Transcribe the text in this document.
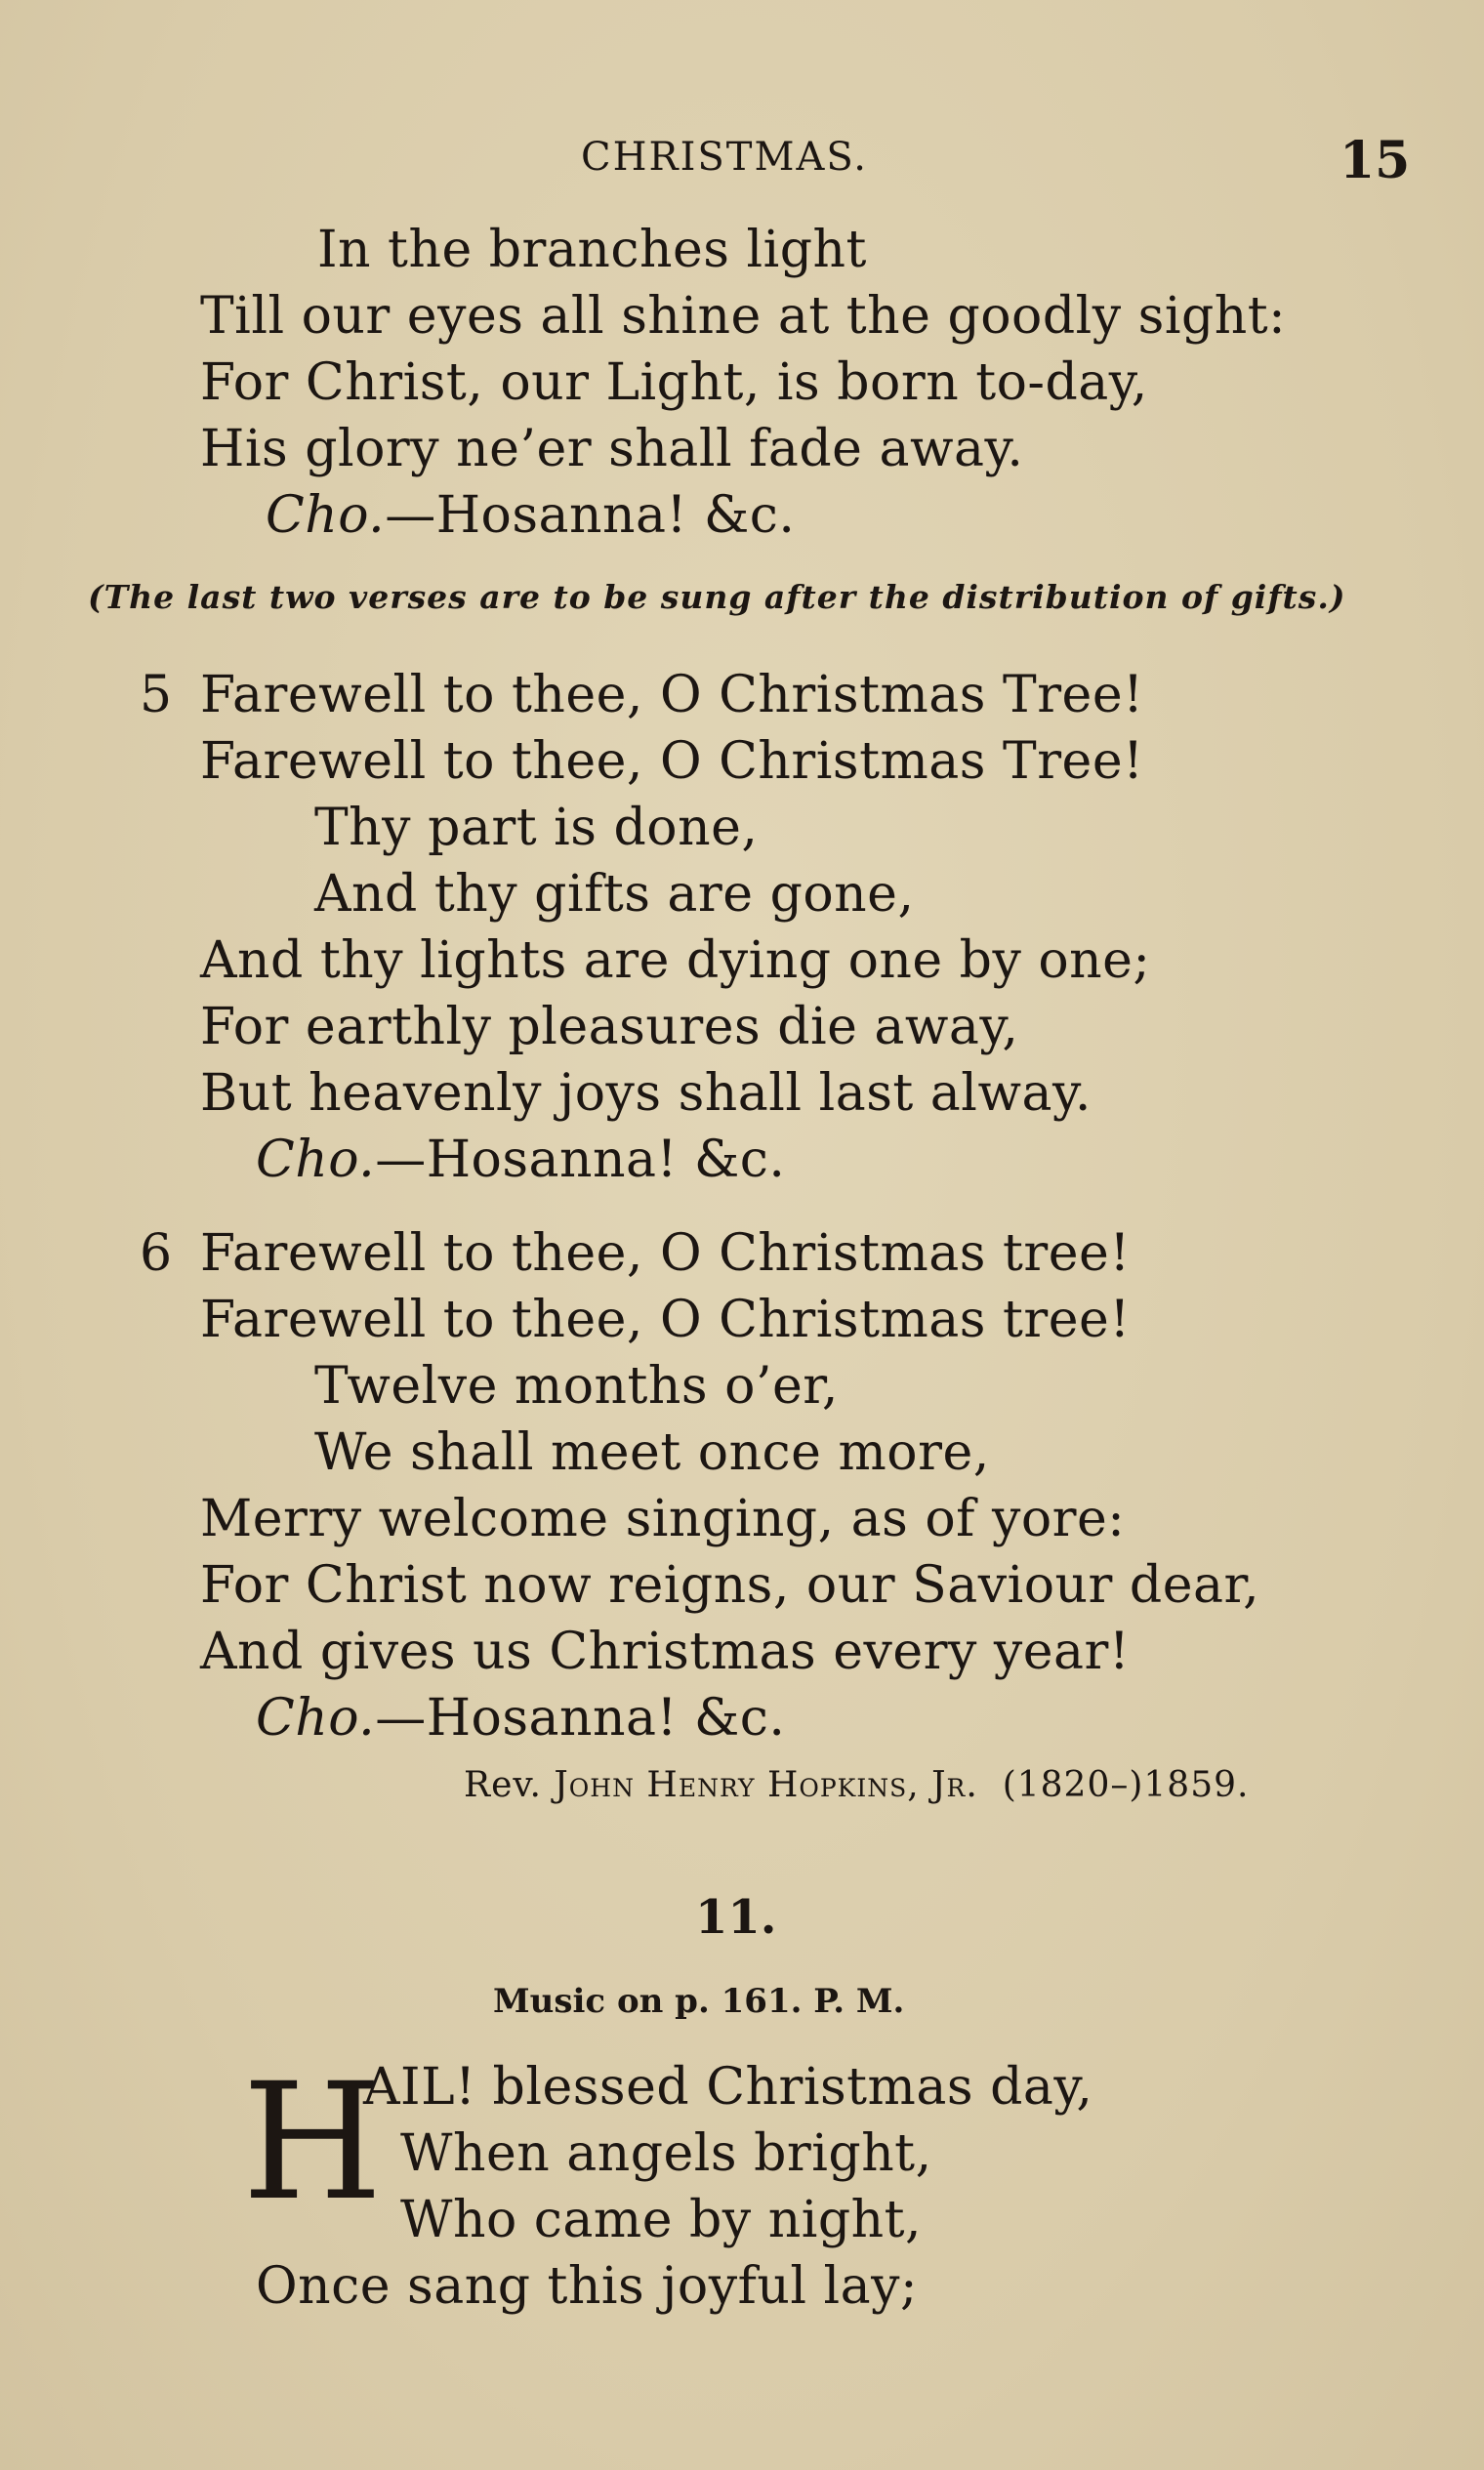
CHRISTMAS.	15
In the branches light
Till our eyes all shine at the goodly sight:
For Christ, our Light, is born to-day,
His glory ne’er shall fade away.
Cho.—Hosanna! &c.
(The last two verses are to be sung after the distribution of gifts.)
5 Farewell to thee, O Christmas Tree!
Farewell to thee, O Christmas Tree!
Thy part is done,
And thy gifts are gone,
And thy lights are dying one by one;
For earthly pleasures die away,
But heavenly joys shall last alway.
Cho.—Hosanna! &c.
6 Farewell to thee, O Christmas tree!
Farewell to thee, O Christmas tree!
Twelve months o’er,
We shall meet once more,
Merry welcome singing, as of yore:
For Christ now reigns, our Saviour dear,
And gives us Christmas every year!
Cho.—Hosanna! &c.
Rev. John Henry Hopkins, Jr. (1820–)1859.
11.
Music on p. 161. P. M.
H
AIL! blessed Christmas day,
When angels bright,
Who came by night,
Once sang this joyful lay;
